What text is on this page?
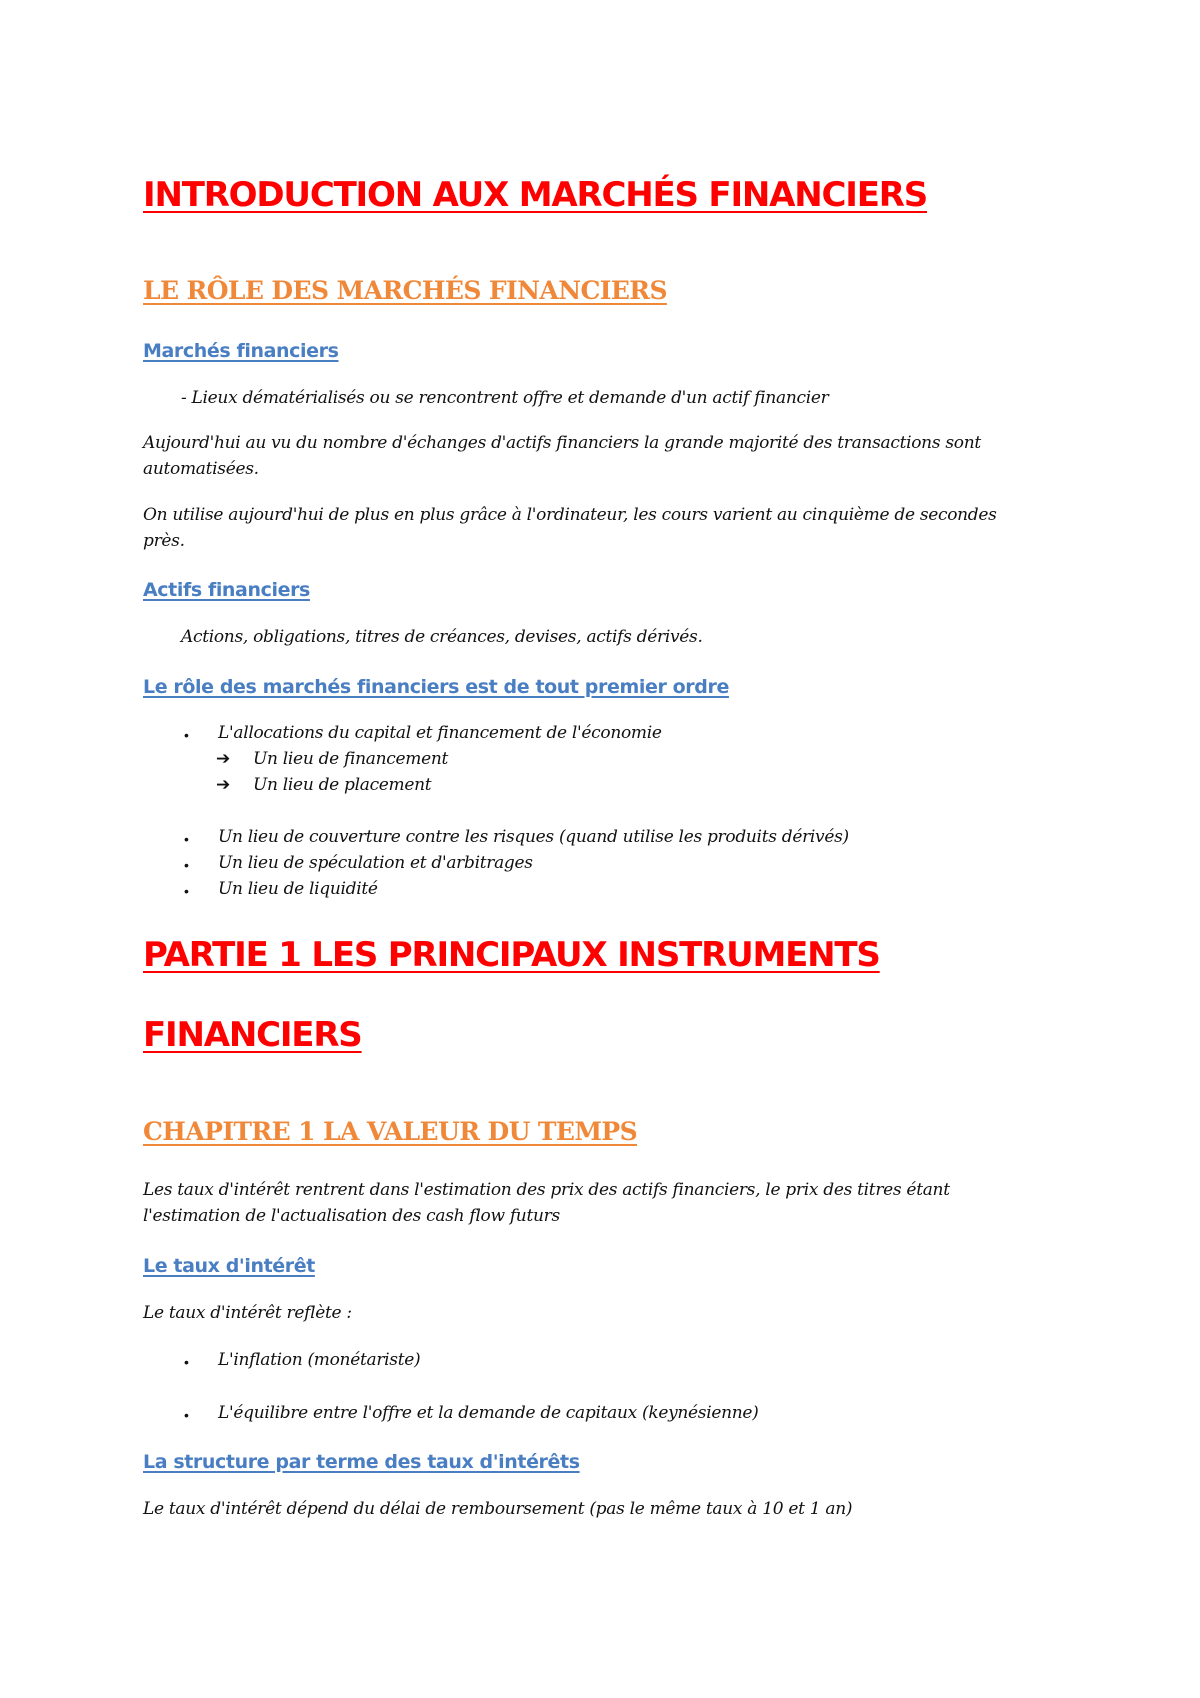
INTRODUCTION AUX MARCHÉS FINANCIERS
LE RÔLE DES MARCHÉS FINANCIERS
Marchés financiers
- Lieux dématérialisés ou se rencontrent offre et demande d'un actif financier

Aujourd'hui au vu du nombre d'échanges d'actifs financiers la grande majorité des transactions sont automatisées.

On utilise aujourd'hui de plus en plus grâce à l'ordinateur, les cours varient au cinquième de secondes près.

Actifs financiers
Actions, obligations, titres de créances, devises, actifs dérivés.
Le rôle des marchés financiers est de tout premier ordre
• L'allocations du capital et financement de l'économie
➔ Un lieu de financement
➔ Un lieu de placement
• Un lieu de couverture contre les risques (quand utilise les produits dérivés)
• Un lieu de spéculation et d'arbitrages
• Un lieu de liquidité
PARTIE 1 LES PRINCIPAUX INSTRUMENTS
FINANCIERS
CHAPITRE 1 LA VALEUR DU TEMPS

Les taux d'intérêt rentrent dans l'estimation des prix des actifs financiers, le prix des titres étant l'estimation de l'actualisation des cash flow futurs

Le taux d'intérêt
Le taux d'intérêt reflète :
• L'inflation (monétariste)
• L'équilibre entre l'offre et la demande de capitaux (keynésienne)
La structure par terme des taux d'intérêts
Le taux d'intérêt dépend du délai de remboursement (pas le même taux à 10 et 1 an)
